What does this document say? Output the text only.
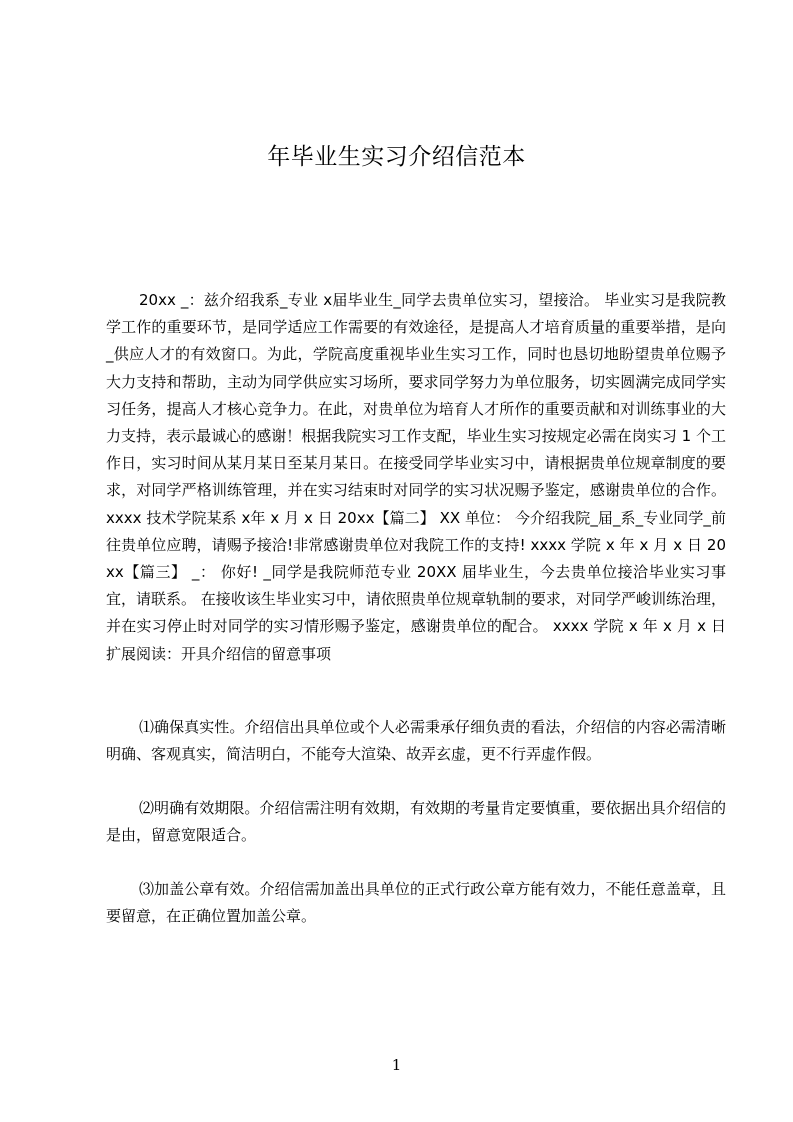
年毕业生实习介绍信范本

20xx _：兹介绍我系_专业 x届毕业生_同学去贵单位实习，望接洽。 毕业实习是我院教学工作的重要环节，是同学适应工作需要的有效途径，是提高人才培育质量的重要举措，是向_供应人才的有效窗口。为此，学院高度重视毕业生实习工作，同时也恳切地盼望贵单位赐予大力支持和帮助，主动为同学供应实习场所，要求同学努力为单位服务，切实圆满完成同学实习任务，提高人才核心竞争力。在此，对贵单位为培育人才所作的重要贡献和对训练事业的大力支持，表示最诚心的感谢！根据我院实习工作支配，毕业生实习按规定必需在岗实习 1 个工作日，实习时间从某月某日至某月某日。在接受同学毕业实习中，请根据贵单位规章制度的要求，对同学严格训练管理，并在实习结束时对同学的实习状况赐予鉴定，感谢贵单位的合作。 xxxx 技术学院某系 x年 x 月 x 日 20xx【篇二】 XX 单位： 今介绍我院_届_系_专业同学_前往贵单位应聘，请赐予接洽!非常感谢贵单位对我院工作的支持! xxxx 学院 x 年 x 月 x 日 20xx【篇三】 _： 你好! _同学是我院师范专业 20XX 届毕业生，今去贵单位接洽毕业实习事宜，请联系。 在接收该生毕业实习中，请依照贵单位规章轨制的要求，对同学严峻训练治理，并在实习停止时对同学的实习情形赐予鉴定，感谢贵单位的配合。 xxxx 学院 x 年 x 月 x 日 扩展阅读：开具介绍信的留意事项

⑴确保真实性。介绍信出具单位或个人必需秉承仔细负责的看法，介绍信的内容必需清晰明确、客观真实，简洁明白，不能夸大渲染、故弄玄虚，更不行弄虚作假。

⑵明确有效期限。介绍信需注明有效期，有效期的考量肯定要慎重，要依据出具介绍信的是由，留意宽限适合。

⑶加盖公章有效。介绍信需加盖出具单位的正式行政公章方能有效力，不能任意盖章，且要留意，在正确位置加盖公章。

1
